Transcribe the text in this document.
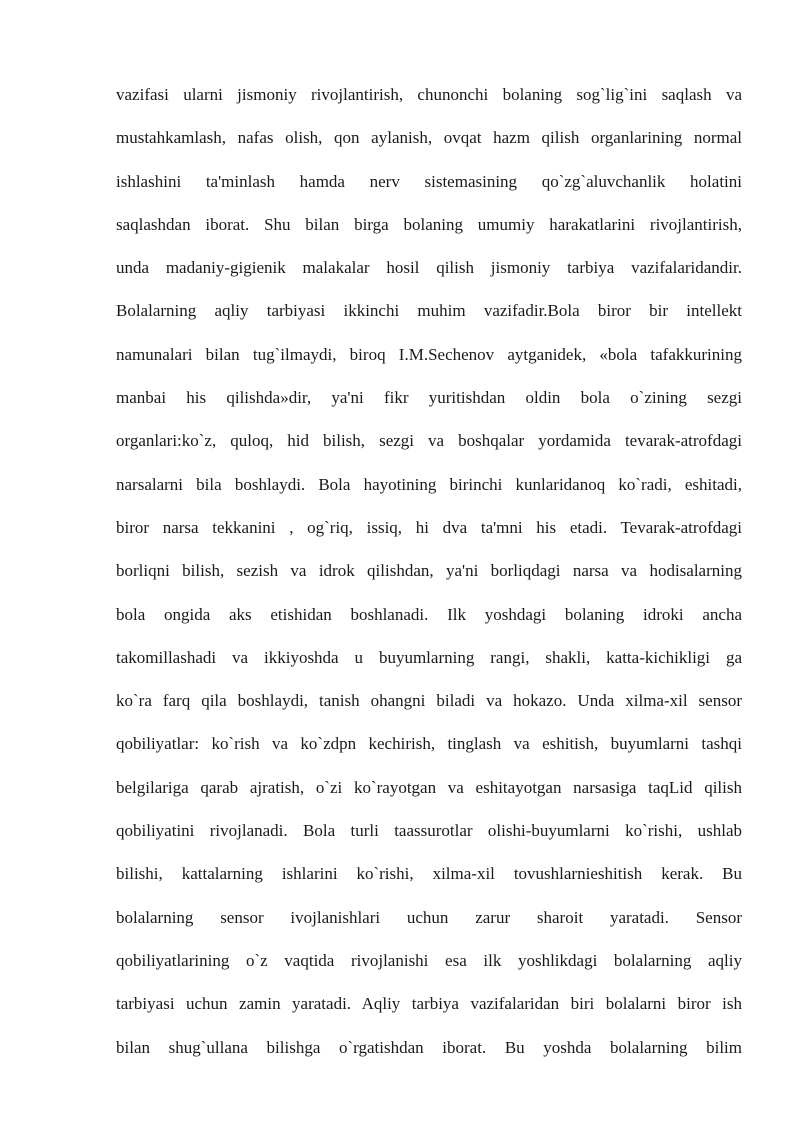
vazifasi ularni jismoniy rivojlantirish, chunonchi bolaning sog`lig`ini saqlash va
mustahkamlash, nafas olish, qon aylanish, ovqat hazm qilish organlarining normal
ishlashini ta'minlash hamda nerv sistemasining qo`zg`aluvchanlik holatini
saqlashdan iborat. Shu bilan birga bolaning umumiy harakatlarini rivojlantirish,
unda madaniy-gigienik malakalar hosil qilish jismoniy tarbiya vazifalaridandir.
Bolalarning aqliy tarbiyasi ikkinchi muhim vazifadir.Bola biror bir intellekt
namunalari bilan tug`ilmaydi, biroq I.M.Sechenov aytganidek, «bola tafakkurining
manbai his qilishda»dir, ya'ni fikr yuritishdan oldin bola o`zining sezgi
organlari:ko`z, quloq, hid bilish, sezgi va boshqalar yordamida tevarak-atrofdagi
narsalarni bila boshlaydi. Bola hayotining birinchi kunlaridanoq ko`radi, eshitadi,
biror narsa tekkanini , og`riq, issiq, hi dva ta'mni his etadi. Tevarak-atrofdagi
borliqni bilish, sezish va idrok qilishdan, ya'ni borliqdagi narsa va hodisalarning
bola ongida aks etishidan boshlanadi. Ilk yoshdagi bolaning idroki ancha
takomillashadi va ikkiyoshda u buyumlarning rangi, shakli, katta-kichikligi ga
ko`ra farq qila boshlaydi, tanish ohangni biladi va hokazo. Unda xilma-xil sensor
qobiliyatlar: ko`rish va ko`zdpn kechirish, tinglash va eshitish, buyumlarni tashqi
belgilariga qarab ajratish, o`zi ko`rayotgan va eshitayotgan narsasiga taqLid qilish
qobiliyatini rivojlanadi. Bola turli taassurotlar olishi-buyumlarni ko`rishi, ushlab
bilishi, kattalarning ishlarini ko`rishi, xilma-xil tovushlarnieshitish kerak. Bu
bolalarning sensor ivojlanishlari uchun zarur sharoit yaratadi. Sensor
qobiliyatlarining o`z vaqtida rivojlanishi esa ilk yoshlikdagi bolalarning aqliy
tarbiyasi uchun zamin yaratadi. Aqliy tarbiya vazifalaridan biri bolalarni biror ish
bilan shug`ullana bilishga o`rgatishdan iborat. Bu yoshda bolalarning bilim
